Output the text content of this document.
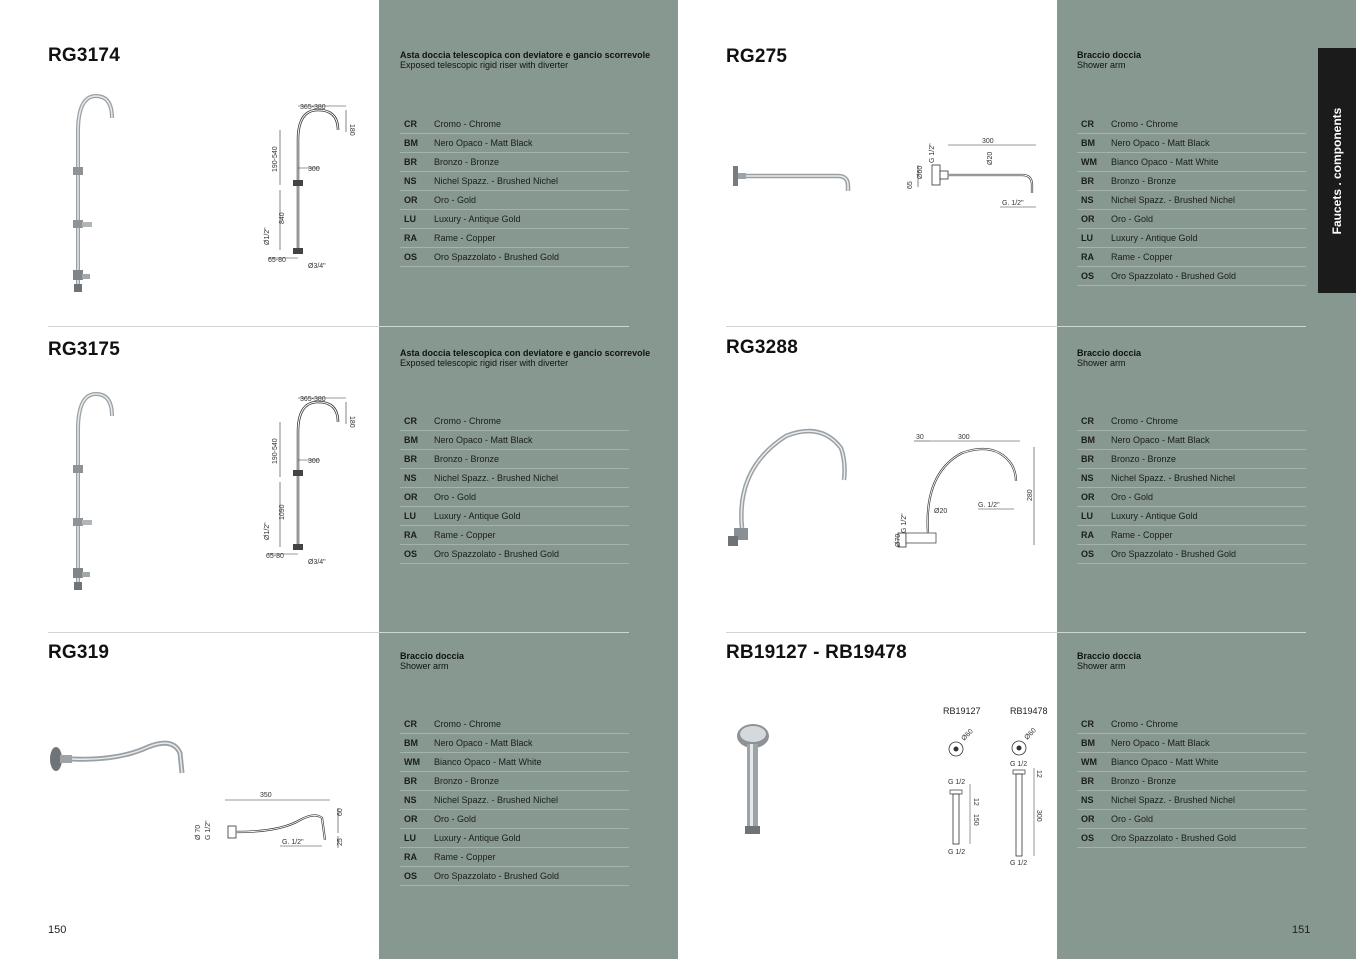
Faucets . components
RG3174	Asta doccia telescopica con deviatore e gancio scorrevole
Exposed telescopic rigid riser with diverter
CR	Cromo - Chrome
BM	Nero Opaco - Matt Black
BR	Bronzo - Bronze
NS	Nichel Spazz. - Brushed Nichel
OR	Oro - Gold
LU	Luxury - Antique Gold
RA	Rame - Copper
OS	Oro Spazzolato - Brushed Gold
365-380
180
190-540	300
840
Ø1/2"
65-80
Ø3/4"
RG3175	Asta doccia telescopica con deviatore e gancio scorrevole
Exposed telescopic rigid riser with diverter
CR	Cromo - Chrome
BM	Nero Opaco - Matt Black
BR	Bronzo - Bronze
NS	Nichel Spazz. - Brushed Nichel
OR	Oro - Gold
LU	Luxury - Antique Gold
RA	Rame - Copper
OS	Oro Spazzolato - Brushed Gold
365-380
180
190-540	300
1090
Ø1/2"
65-80
Ø3/4"
RG319	Braccio doccia
Shower arm
CR	Cromo - Chrome
BM	Nero Opaco - Matt Black
WM	Bianco Opaco - Matt White
BR	Bronzo - Bronze
NS	Nichel Spazz. - Brushed Nichel
OR	Oro - Gold
LU	Luxury - Antique Gold
RA	Rame - Copper
OS	Oro Spazzolato - Brushed Gold
350
Ø 70 G 1/2"
60
25
G. 1/2"
RG275	Braccio doccia
Shower arm
CR	Cromo - Chrome
BM	Nero Opaco - Matt Black
WM	Bianco Opaco - Matt White
BR	Bronzo - Bronze
NS	Nichel Spazz. - Brushed Nichel
OR	Oro - Gold
LU	Luxury - Antique Gold
RA	Rame - Copper
OS	Oro Spazzolato - Brushed Gold
300
65
Ø60
G 1/2"	Ø20
G. 1/2"
RG3288	Braccio doccia
Shower arm
CR	Cromo - Chrome
BM	Nero Opaco - Matt Black
BR	Bronzo - Bronze
NS	Nichel Spazz. - Brushed Nichel
OR	Oro - Gold
LU	Luxury - Antique Gold
RA	Rame - Copper
OS	Oro Spazzolato - Brushed Gold
30	300
280
Ø20
G. 1/2"
G 1/2"
Ø70
RB19127 - RB19478	Braccio doccia
Shower arm
CR	Cromo - Chrome
BM	Nero Opaco - Matt Black
WM	Bianco Opaco - Matt White
BR	Bronzo - Bronze
NS	Nichel Spazz. - Brushed Nichel
OR	Oro - Gold
OS	Oro Spazzolato - Brushed Gold
RB19127	RB19478
Ø60
G 1/2
12
150
G 1/2
Ø60
G 1/2
12
300
G 1/2
150	151
